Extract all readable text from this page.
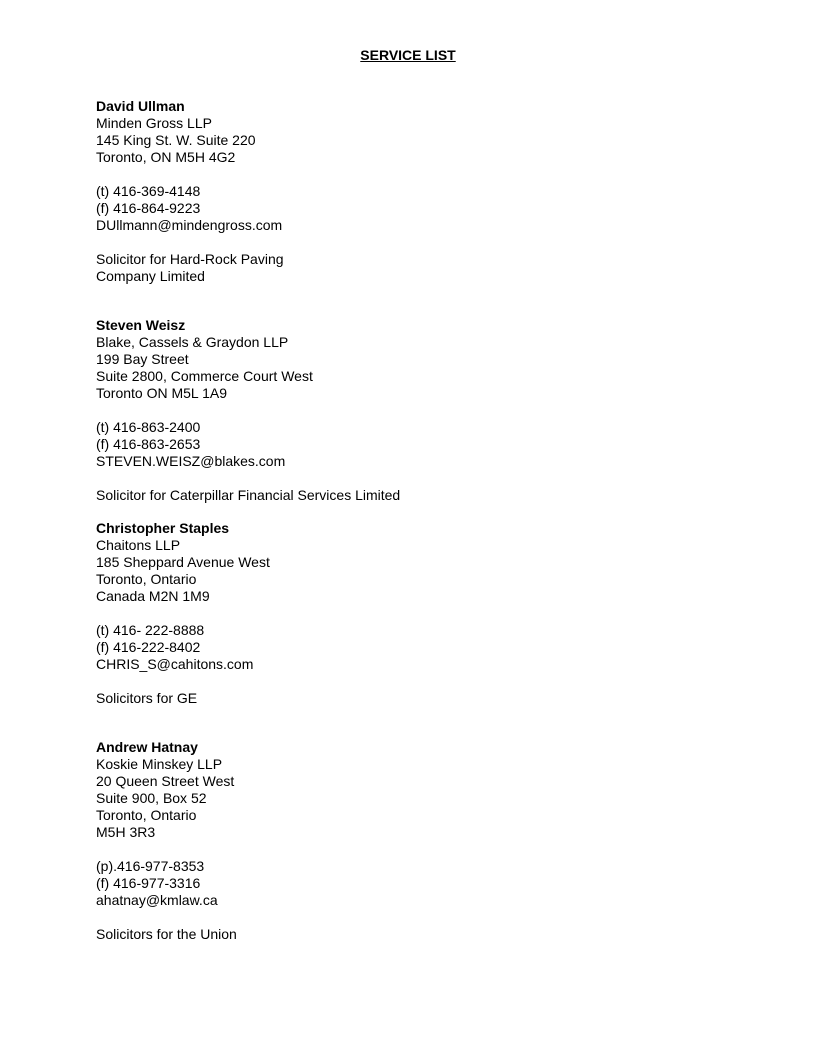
SERVICE LIST
David Ullman
Minden Gross LLP
145 King St. W. Suite 220
Toronto, ON M5H 4G2
(t) 416-369-4148
(f) 416-864-9223
DUllmann@mindengross.com
Solicitor for Hard-Rock Paving
Company Limited
Steven Weisz
Blake, Cassels & Graydon LLP
199 Bay Street
Suite 2800, Commerce Court West
Toronto ON M5L 1A9
(t) 416-863-2400
(f) 416-863-2653
STEVEN.WEISZ@blakes.com
Solicitor for Caterpillar Financial Services Limited
Christopher Staples
Chaitons LLP
185 Sheppard Avenue West
Toronto, Ontario
Canada M2N 1M9
(t) 416- 222-8888
(f) 416-222-8402
CHRIS_S@cahitons.com
Solicitors for GE
Andrew Hatnay
Koskie Minskey LLP
20 Queen Street West
Suite 900, Box 52
Toronto, Ontario
M5H 3R3
(p).416-977-8353
(f) 416-977-3316
ahatnay@kmlaw.ca
Solicitors for the Union
